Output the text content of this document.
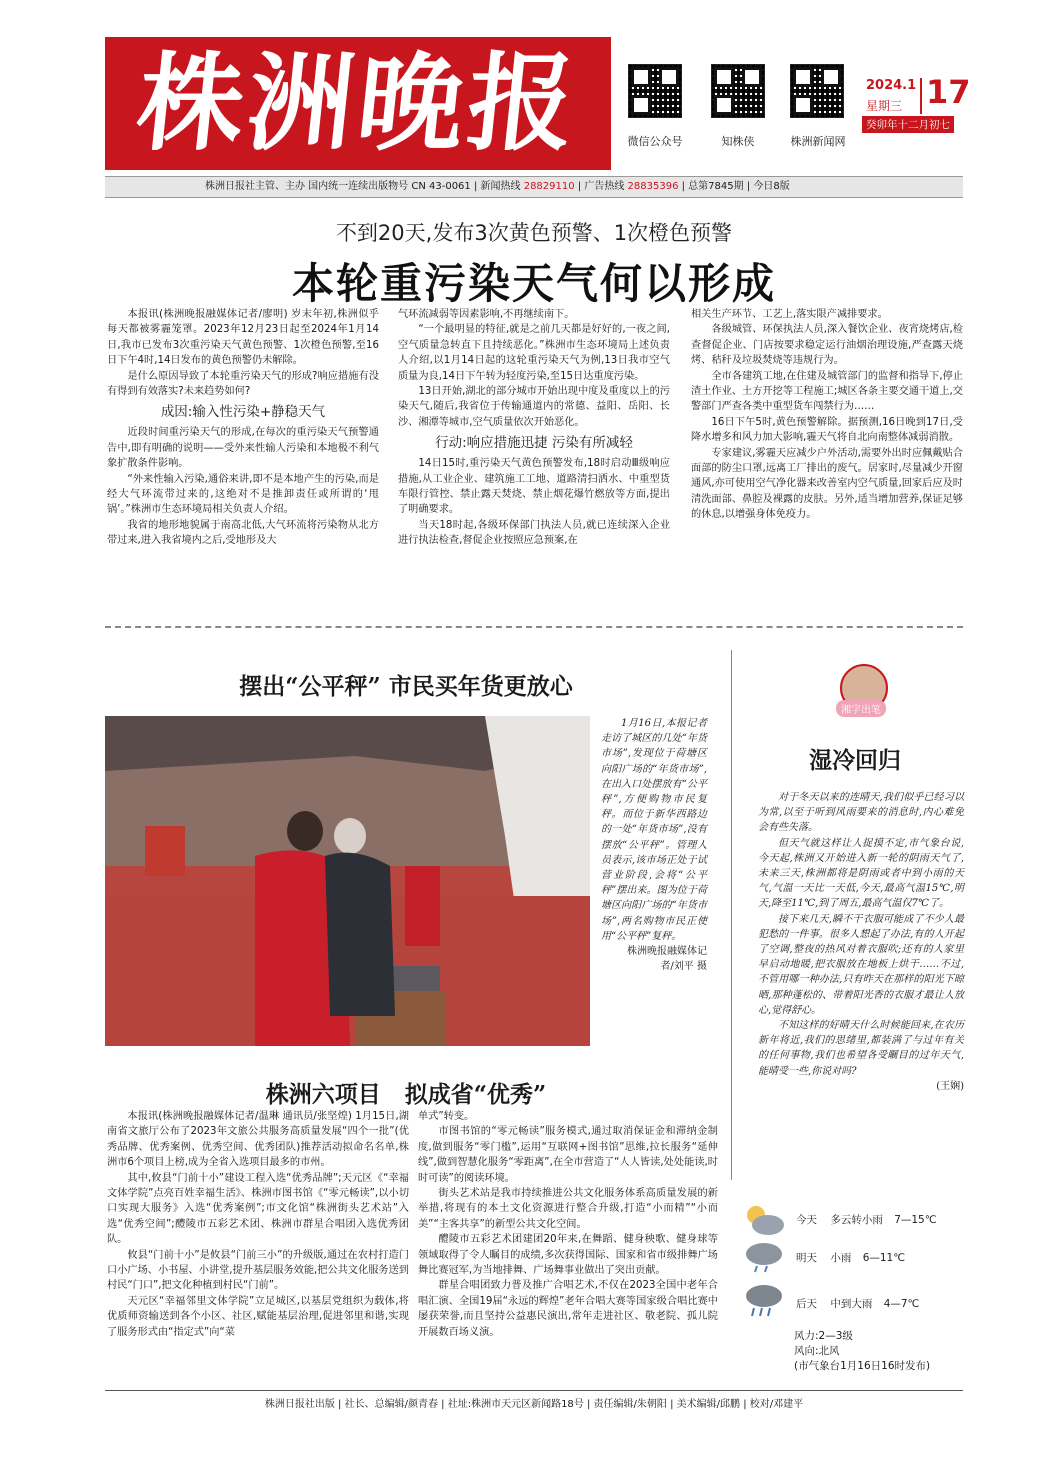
株洲晚报	微信公众号	知株侠	株洲新闻网
2024.1
星期三 17
癸卯年十二月初七
株洲日报社主管、主办 国内统一连续出版物号 CN 43-0061 | 新闻热线 28829110 | 广告热线 28835396 | 总第7845期 | 今日8版
不到20天,发布3次黄色预警、1次橙色预警
本轮重污染天气何以形成

本报讯(株洲晚报融媒体记者/廖明) 岁末年初,株洲似乎每天都被雾霾笼罩。2023年12月23日起至2024年1月14日,我市已发布3次重污染天气黄色预警、1次橙色预警,至16日下午4时,14日发布的黄色预警仍未解除。

是什么原因导致了本轮重污染天气的形成?响应措施有没有得到有效落实?未来趋势如何?

成因:输入性污染+静稳天气

近段时间重污染天气的形成,在每次的重污染天气预警通告中,即有明确的说明——受外来性输人污染和本地极不利气象扩散条件影响。

“外来性输入污染,通俗来讲,即不是本地产生的污染,而是经大气环流带过来的,这绝对不是推卸责任或所谓的‘甩锅’。”株洲市生态环境局相关负责人介绍。

我省的地形地貌属于南高北低,大气环流将污染物从北方带过来,进入我省境内之后,受地形及大

气环流减弱等因素影响,不再继续南下。

“一个最明显的特征,就是之前几天都是好好的,一夜之间,空气质量急转直下且持续恶化。”株洲市生态环境局上述负责人介绍,以1月14日起的这轮重污染天气为例,13日我市空气质量为良,14日下午转为轻度污染,至15日达重度污染。

13日开始,湖北的部分城市开始出现中度及重度以上的污染天气,随后,我省位于传输通道内的常德、益阳、岳阳、长沙、湘潭等城市,空气质量依次开始恶化。

行动:响应措施迅捷 污染有所减轻

14日15时,重污染天气黄色预警发布,18时启动Ⅲ级响应措施,从工业企业、建筑施工工地、道路清扫洒水、中重型货车限行管控、禁止露天焚烧、禁止烟花爆竹燃放等方面,提出了明确要求。

当天18时起,各级环保部门执法人员,就已连续深入企业进行执法检查,督促企业按照应急预案,在

相关生产环节、工艺上,落实限产减排要求。

各级城管、环保执法人员,深入餐饮企业、夜宵烧烤店,检查督促企业、门店按要求稳定运行油烟治理设施,严查露天烧烤、秸秆及垃圾焚烧等违规行为。

全市各建筑工地,在住建及城管部门的监督和指导下,停止渣土作业、土方开挖等工程施工;城区各条主要交通干道上,交警部门严查各类中重型货车闯禁行为……

16日下午5时,黄色预警解除。据预测,16日晚到17日,受降水增多和风力加大影响,霾天气将自北向南整体减弱消散。

专家建议,雾霾天应减少户外活动,需要外出时应佩戴贴合面部的防尘口罩,远离工厂排出的废气。居家时,尽量减少开窗通风,亦可使用空气净化器来改善室内空气质量,回家后应及时清洗面部、鼻腔及裸露的皮肤。另外,适当增加营养,保证足够的休息,以增强身体免疫力。

摆出“公平秤” 市民买年货更放心

1月16日,本报记者走访了城区的几处“年货市场”,发现位于荷塘区向阳广场的“年货市场”,在出入口处摆放有“公平秤”,方便购物市民复秤。而位于新华西路边的一处“年货市场”,没有摆放“公平秤”。管理人员表示,该市场正处于试营业阶段,会将“公平秤”摆出来。图为位于荷塘区向阳广场的“年货市场”,两名购物市民正使用“公平秤”复秤。

株洲晚报融媒体记者/刘平 摄

湘字出笔
湿冷回归

对于冬天以来的连晴天,我们似乎已经习以为常,以至于听到风雨要来的消息时,内心难免会有些失落。

但天气就这样让人捉摸不定,市气象台说,今天起,株洲又开始进入新一轮的阴雨天气了,未来三天,株洲都将是阴雨或者中到小雨的天气,气温一天比一天低,今天,最高气温15℃,明天,降至11℃,到了周五,最高气温仅7℃了。

接下来几天,瞬不干衣服可能成了不少人最犯愁的一件事。很多人想起了办法,有的人开起了空调,整夜的热风对着衣服吹;还有的人家里早启动地暖,把衣服放在地板上烘干……不过,不管用哪一种办法,只有昨天在那样的阳光下晾晒,那种蓬松的、带着阳光香的衣服才最让人放心,觉得舒心。

不知这样的好晴天什么时候能回来,在农历新年将近,我们的思绪里,都装满了与过年有关的任何事物,我们也希望各受瞩目的过年天气,能晴受一些,你说对吗?

(王娴)

株洲六项目 拟成省“优秀”

本报讯(株洲晚报融媒体记者/温琳 通讯员/张坚煌) 1月15日,湖南省文旅厅公布了2023年文旅公共服务高质量发展“四个一批”(优秀品牌、优秀案例、优秀空间、优秀团队)推荐活动拟命名名单,株洲市6个项目上榜,成为全省入选项目最多的市州。

其中,攸县“门前十小”建设工程入选“优秀品牌”;天元区《“幸福文体学院”点亮百姓幸福生活》、株洲市图书馆《“零元畅读”,以小切口实现大服务》入选“优秀案例”;市文化馆“株洲街头艺术站”入选“优秀空间”;醴陵市五彩艺术团、株洲市群星合唱团入选优秀团队。

攸县“门前十小”是攸县“门前三小”的升级版,通过在农村打造门口小广场、小书屋、小讲堂,提升基层服务效能,把公共文化服务送到村民“门口”,把文化种植到村民“门前”。

天元区“幸福邻里文体学院”立足城区,以基层党组织为载体,将优质师资输送到各个小区、社区,赋能基层治理,促进邻里和谐,实现了服务形式由“指定式”向“菜

单式”转变。

市图书馆的“零元畅读”服务模式,通过取消保证金和滞纳金制度,做到服务“零门槛”,运用“互联网+图书馆”思维,拉长服务“延伸线”,做到智慧化服务“零距离”,在全市营造了“人人皆读,处处能读,时时可读”的阅读环境。

街头艺术站是我市持续推进公共文化服务体系高质量发展的新举措,将现有的本土文化资源进行整合升级,打造“小而精”“小而美”“主客共享”的新型公共文化空间。

醴陵市五彩艺术团建团20年来,在舞蹈、健身秧歌、健身球等领域取得了令人瞩目的成绩,多次获得国际、国家和省市级排舞广场舞比赛冠军,为当地排舞、广场舞事业做出了突出贡献。

群星合唱团致力普及推广合唱艺术,不仅在2023全国中老年合唱汇演、全国19届“永远的辉煌”老年合唱大赛等国家级合唱比赛中屡获荣誉,而且坚持公益惠民演出,常年走进社区、敬老院、孤儿院开展数百场义演。

今天 多云转小雨 7—15℃
明天 小雨 6—11℃
后天 中到大雨 4—7℃
风力:2—3级
风向:北风
(市气象台1月16日16时发布)
株洲日报社出版 | 社长、总编辑/颜青春 | 社址:株洲市天元区新闻路18号 | 责任编辑/朱朝阳 | 美术编辑/邱鹏 | 校对/邓建平
